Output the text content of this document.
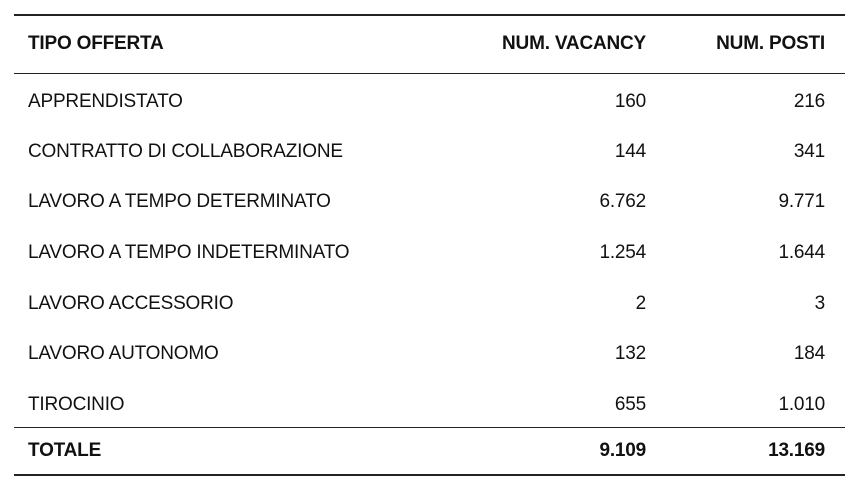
TIPO OFFERTA	NUM. VACANCY	NUM. POSTI
APPRENDISTATO	160	216
CONTRATTO DI COLLABORAZIONE	144	341
LAVORO A TEMPO DETERMINATO	6.762	9.771
LAVORO A TEMPO INDETERMINATO	1.254	1.644
LAVORO ACCESSORIO	2	3
LAVORO AUTONOMO	132	184
TIROCINIO	655	1.010
TOTALE	9.109	13.169
